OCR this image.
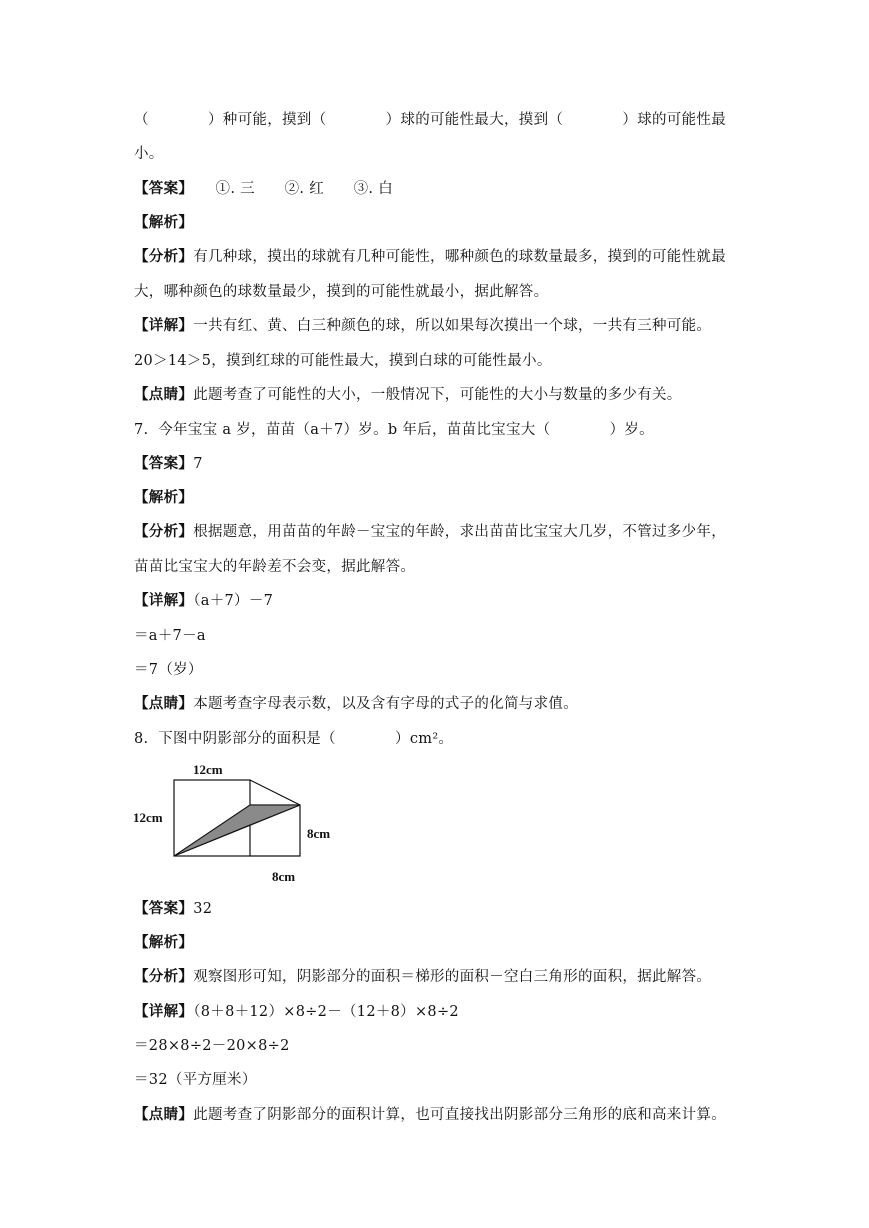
（　　　　）种可能，摸到（　　　　）球的可能性最大，摸到（　　　　）球的可能性最
小。
【答案】　　①. 三　　②. 红　　③. 白
【解析】
【分析】有几种球，摸出的球就有几种可能性，哪种颜色的球数量最多，摸到的可能性就最
大，哪种颜色的球数量最少，摸到的可能性就最小，据此解答。
【详解】一共有红、黄、白三种颜色的球，所以如果每次摸出一个球，一共有三种可能。
20＞14＞5，摸到红球的可能性最大，摸到白球的可能性最小。
【点睛】此题考查了可能性的大小，一般情况下，可能性的大小与数量的多少有关。
7.  今年宝宝 a 岁，苗苗（a＋7）岁。b 年后，苗苗比宝宝大（　　　　）岁。
【答案】7
【解析】
【分析】根据题意，用苗苗的年龄－宝宝的年龄，求出苗苗比宝宝大几岁，不管过多少年，
苗苗比宝宝大的年龄差不会变，据此解答。
【详解】（a＋7）－7
＝a＋7－a
＝7（岁）
【点睛】本题考查字母表示数，以及含有字母的式子的化简与求值。
8.  下图中阴影部分的面积是（　　　　）cm²。
【答案】32
【解析】
【分析】观察图形可知，阴影部分的面积＝梯形的面积－空白三角形的面积，据此解答。
【详解】（8＋8＋12）×8÷2－（12＋8）×8÷2
＝28×8÷2－20×8÷2
＝32（平方厘米）
【点睛】此题考查了阴影部分的面积计算，也可直接找出阴影部分三角形的底和高来计算。
12cm
12cm
8cm
8cm
